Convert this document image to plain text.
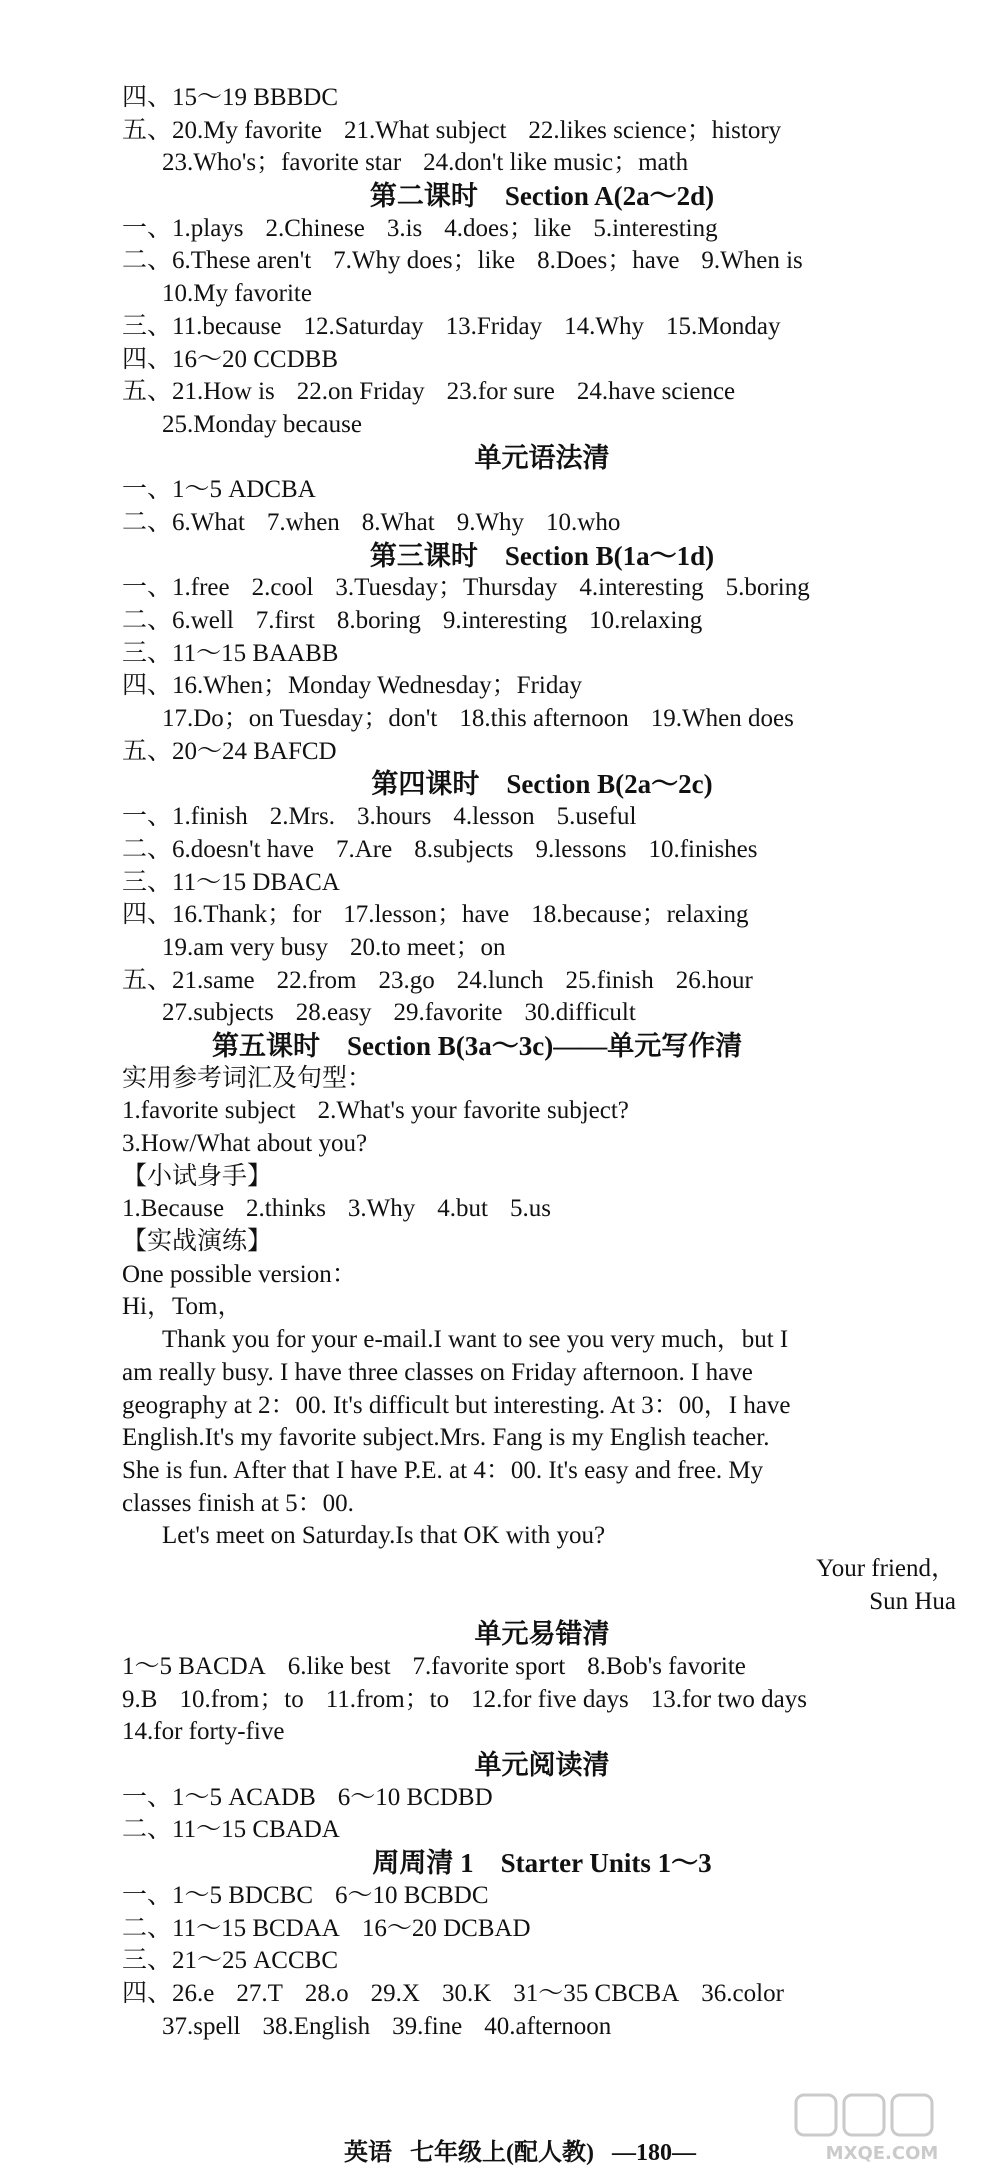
四、15～19 BBBDC
五、20.My favorite 21.What subject 22.likes science；history
23.Who's；favorite star 24.don't like music；math
第二课时　Section A(2a～2d)
一、1.plays 2.Chinese 3.is 4.does；like 5.interesting
二、6.These aren't 7.Why does；like 8.Does；have 9.When is
10.My favorite
三、11.because 12.Saturday 13.Friday 14.Why 15.Monday
四、16～20 CCDBB
五、21.How is 22.on Friday 23.for sure 24.have science
25.Monday because
单元语法清
一、1～5 ADCBA
二、6.What 7.when 8.What 9.Why 10.who
第三课时　Section B(1a～1d)
一、1.free 2.cool 3.Tuesday；Thursday 4.interesting 5.boring
二、6.well 7.first 8.boring 9.interesting 10.relaxing
三、11～15 BAABB
四、16.When；Monday Wednesday；Friday
17.Do；on Tuesday；don't 18.this afternoon 19.When does
五、20～24 BAFCD
第四课时　Section B(2a～2c)
一、1.finish 2.Mrs. 3.hours 4.lesson 5.useful
二、6.doesn't have 7.Are 8.subjects 9.lessons 10.finishes
三、11～15 DBACA
四、16.Thank；for 17.lesson；have 18.because；relaxing
19.am very busy 20.to meet；on
五、21.same 22.from 23.go 24.lunch 25.finish 26.hour
27.subjects 28.easy 29.favorite 30.difficult
第五课时　Section B(3a～3c)——单元写作清
实用参考词汇及句型：
1.favorite subject 2.What's your favorite subject?
3.How/What about you?
【小试身手】
1.Because 2.thinks 3.Why 4.but 5.us
【实战演练】
One possible version：
Hi，Tom，
Thank you for your e-mail.I want to see you very much，but I
am really busy. I have three classes on Friday afternoon. I have
geography at 2：00. It's difficult but interesting. At 3：00，I have
English.It's my favorite subject.Mrs. Fang is my English teacher.
She is fun. After that I have P.E. at 4：00. It's easy and free. My
classes finish at 5：00.
Let's meet on Saturday.Is that OK with you?
Your friend，
Sun Hua
单元易错清
1～5 BACDA 6.like best 7.favorite sport 8.Bob's favorite
9.B 10.from；to 11.from；to 12.for five days 13.for two days
14.for forty-five
单元阅读清
一、1～5 ACADB 6～10 BCDBD
二、11～15 CBADA
周周清 1　Starter Units 1～3
一、1～5 BDCBC 6～10 BCBDC
二、11～15 BCDAA 16～20 DCBAD
三、21～25 ACCBC
四、26.e 27.T 28.o 29.X 30.K 31～35 CBCBA 36.color
37.spell 38.English 39.fine 40.afternoon
英语 七年级上(配人教) —180—	MXQE.COM
